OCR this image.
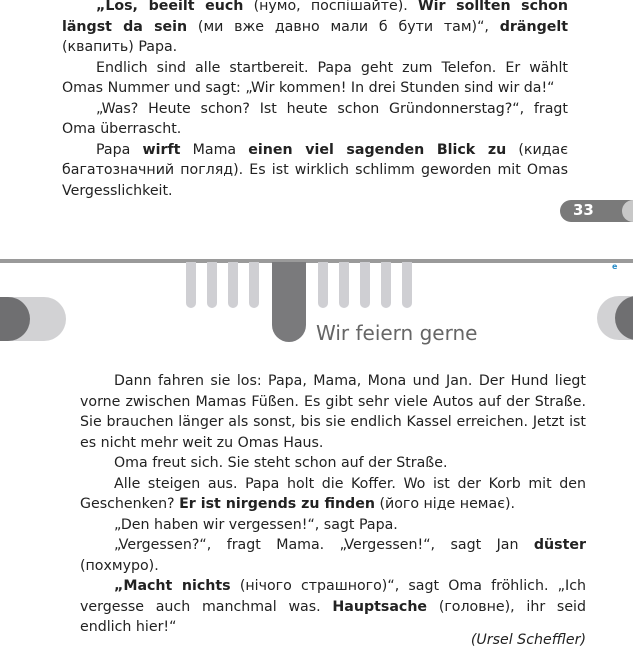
„Los, beeilt euch (нумо, поспішайте). Wir sollten schon längst da sein (ми вже давно мали б бути там)“, drängelt (квапить) Papa.
Endlich sind alle startbereit. Papa geht zum Telefon. Er wählt Omas Nummer und sagt: „Wir kommen! In drei Stunden sind wir da!“
„Was? Heute schon? Ist heute schon Gründonnerstag?“, fragt Oma überrascht.
Papa wirft Mama einen viel sagenden Blick zu (кидає багатозначний погляд). Es ist wirklich schlimm geworden mit Omas Vergesslichkeit.
33
e
Wir feiern gerne
Dann fahren sie los: Papa, Mama, Mona und Jan. Der Hund liegt vorne zwischen Mamas Füßen. Es gibt sehr viele Autos auf der Straße. Sie brauchen länger als sonst, bis sie endlich Kassel erreichen. Jetzt ist es nicht mehr weit zu Omas Haus.
Oma freut sich. Sie steht schon auf der Straße.
Alle steigen aus. Papa holt die Koffer. Wo ist der Korb mit den Geschenken? Er ist nirgends zu finden (його ніде немає).
„Den haben wir vergessen!“, sagt Papa.
„Vergessen?“, fragt Mama. „Vergessen!“, sagt Jan düster (похмуро).
„Macht nichts (нічого страшного)“, sagt Oma fröhlich. „Ich vergesse auch manchmal was. Hauptsache (головне), ihr seid endlich hier!“
(Ursel Scheffler)
